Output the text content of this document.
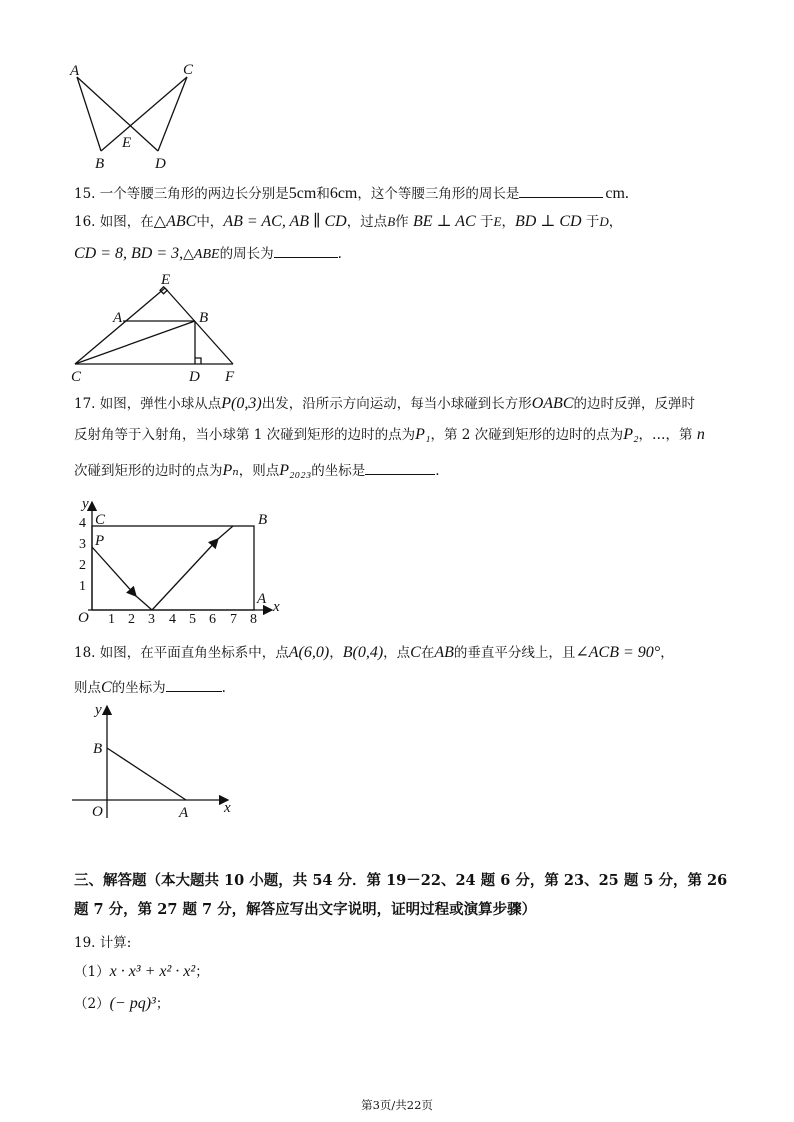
A	C
E
B	D
15. 一个等腰三角形的两边长分别是5cm和6cm，这个等腰三角形的周长是	cm.
16. 如图，在△ABC中，AB = AC, AB ∥ CD，过点B作 BE ⊥ AC 于E，BD ⊥ CD 于D，
CD = 8, BD = 3,△ABE的周长为	.
E
A	B
C	D F
17. 如图，弹性小球从点P(0,3)出发，沿所示方向运动，每当小球碰到长方形OABC的边时反弹，反弹时
反射角等于入射角，当小球第 1 次碰到矩形的边时的点为P₁，第 2 次碰到矩形的边时的点为P₂，…，第 n
次碰到矩形的边时的点为Pₙ，则点P₂₀₂₃的坐标是	.
y
x
O
C	B
P
A
1
2
3
4
1 2 3 4 5 6 7 8
18. 如图，在平面直角坐标系中，点A(6,0)，B(0,4)，点C在AB的垂直平分线上，且∠ACB = 90°，
则点C的坐标为	.
y
x
O
B
A
三、解答题（本大题共 10 小题，共 54 分．第 19－22、24 题 6 分，第 23、25 题 5 分，第 26
题 7 分，第 27 题 7 分，解答应写出文字说明，证明过程或演算步骤）
19. 计算:
（1）x · x³ + x² · x²；
（2）(− pq)³；
第3页/共22页
